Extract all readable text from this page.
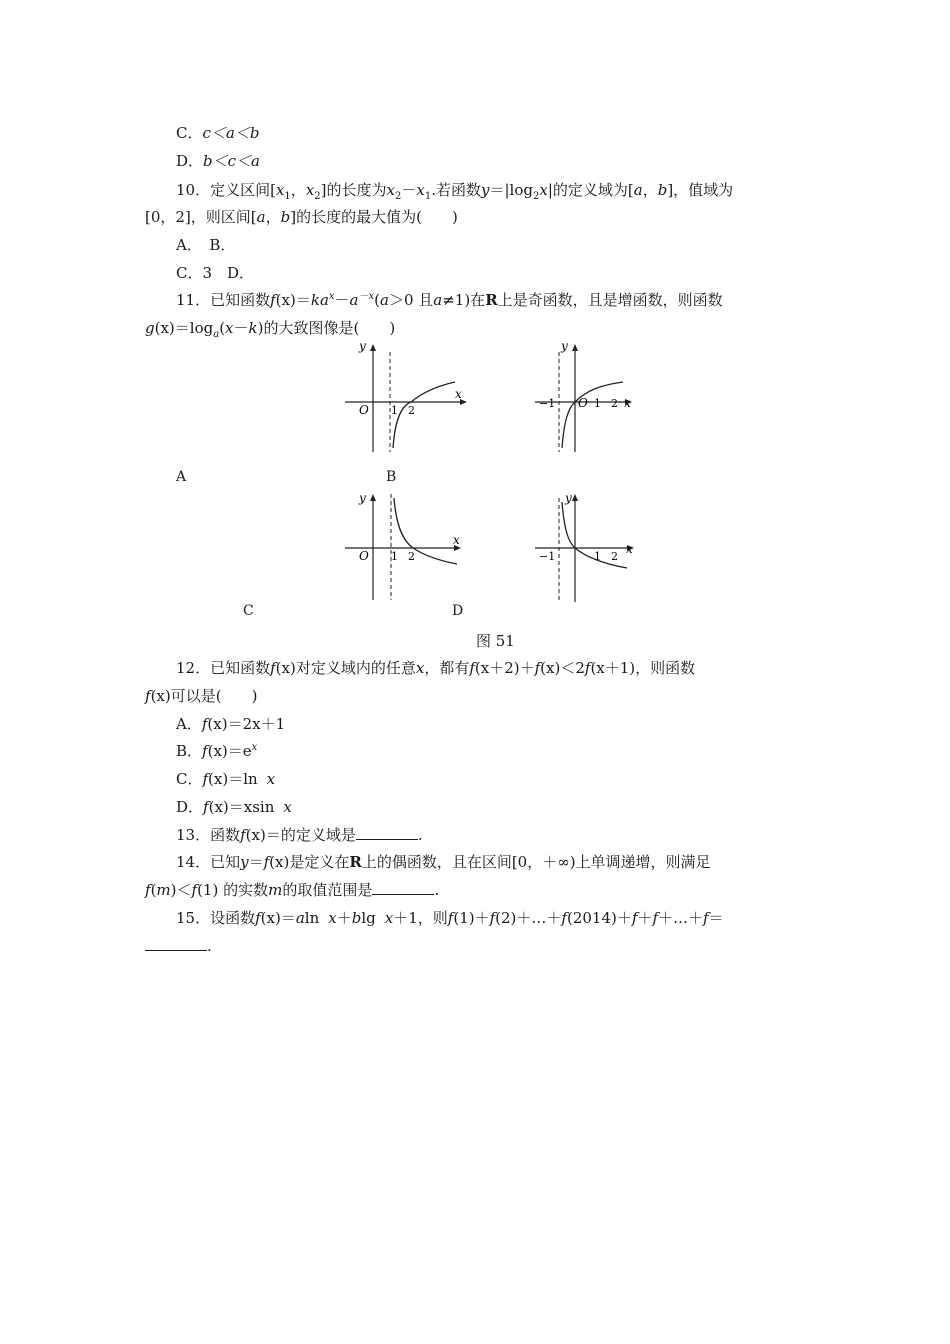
C．c＜a＜b
D．b＜c＜a
10．定义区间[$x_1$，$x_2$]的长度为$x_2-x_1$.若函数$y=|\log_2x|$的定义域为[a，b]，值域为
[0，2]，则区间[a，b]的长度的最大值为(　　)
A．　B．
C．3　D．
11．已知函数$f(x)=ka^x-a^{-x}(a>0$ 且a≠1)在R上是奇函数，且是增函数，则函数
$g(x)=\log_a(x-k)$的大致图像是(　　)
y
x
O 1 2
y
x
−1 O 1 2
A	B
y
x
O 1 2
y
x
−1	1 2
C	D
图 51
12．已知函数f(x)对定义域内的任意x，都有f(x＋2)＋f(x)＜2f(x＋1)，则函数
f(x)可以是(　　)
A．f(x)＝2x＋1
B．$f(x)=e^x$
C．f(x)＝ln x
D．f(x)＝xsin x
13．函数f(x)＝的定义域是	.
14．已知y＝f(x)是定义在R上的偶函数，且在区间[0，＋∞)上单调递增，则满足
f(m)＜f(1) 的实数m的取值范围是	.
15．设函数f(x)＝aln x＋blg x＋1，则f(1)＋f(2)＋…＋f(2014)＋f＋f＋…＋f＝
.
